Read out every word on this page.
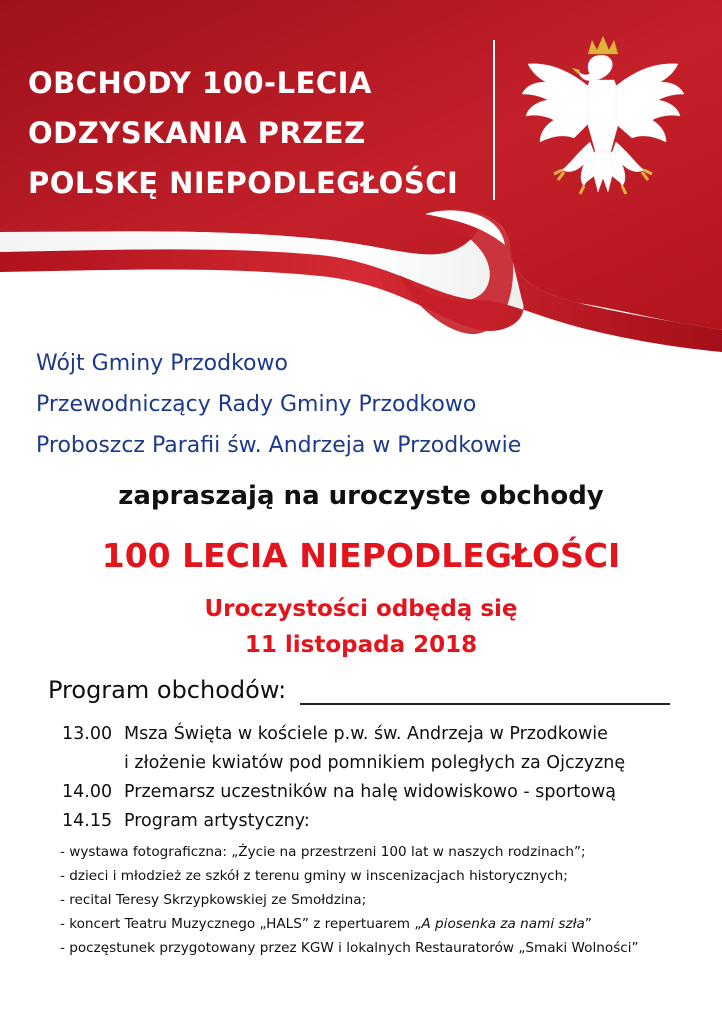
OBCHODY 100-LECIA
ODZYSKANIA PRZEZ
POLSKĘ NIEPODLEGŁOŚCI
Wójt Gminy Przodkowo
Przewodniczący Rady Gminy Przodkowo
Proboszcz Parafii św. Andrzeja w Przodkowie
zapraszają na uroczyste obchody
100 LECIA NIEPODLEGŁOŚCI
Uroczystości odbędą się
11 listopada 2018
Program obchodów:
13.00 Msza Święta w kościele p.w. św. Andrzeja w Przodkowie
i złożenie kwiatów pod pomnikiem poległych za Ojczyznę
14.00 Przemarsz uczestników na halę widowiskowo - sportową
14.15 Program artystyczny:
- wystawa fotograficzna: „Życie na przestrzeni 100 lat w naszych rodzinach”;
- dzieci i młodzież ze szkół z terenu gminy w inscenizacjach historycznych;
- recital Teresy Skrzypkowskiej ze Smołdzina;
- koncert Teatru Muzycznego „HALS” z repertuarem „A piosenka za nami szła”
- poczęstunek przygotowany przez KGW i lokalnych Restauratorów „Smaki Wolności”
